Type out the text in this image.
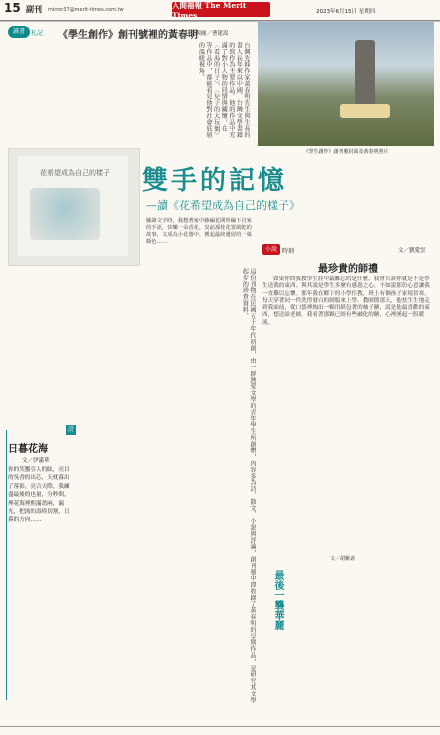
15 副刊 mirror37@merit-times.com.tw
人間福報 The Merit Times	2023年6月15日 星期四
讀書	札記 《學生創作》創刊號裡的黃春明
文與圖／曹建嵩
台灣先鋒作家黃春明先生與生長的書人長年來以中國、台灣文學書籍的寫作為主要作品。他的作品中充滿了對小人物的同情與關懷，在〈看海的日子〉、〈兒子的大玩偶〉等作品中，都能看見他對社會底層的溫暖視角。
《學生創作》創刊號封面及黃春明照片
雙手的記憶
—讀《花希望成為自己的樣子》
花希望成為自己的樣子
蘇讀文字時，我想著家中藤編花間所編下自家的手語，快樂一朵香花，臭前那桂花置風乾的故事，文成為小花器中，獲起最終遺留的一幕顏色……
這份刊物在民國五十年代初創，由一群熱愛文學的青年學生所創辦，內容多為詩、散文、小說與評論，創刊號中即收錄了黃春明的早期作品，是研究其文學起步的珍貴資料。
小說 時刻	文／劉愛雲
最珍貴的師禮
如果你問我教學生涯中最難忘的是什麼，我會告訴你就是不是學生送我的東西。與其說是學生多麼有感恩之心，不如說那份心意讓我一直難以忘懷。那年我在鄉下的小學任教，班上有個孩子家境貧寒，每天穿著同一件洗得發白的制服來上學。教師節那天，他怯生生地走到我面前，從口袋裡掏出一顆用紙包著的柚子糖，說是他最喜歡的東西，想送給老師。我看著那顆已經有些融化的糖，心裡湧起一股暖流。
最後一襲華麗
文／胡紫壽
詩
日暮花海
文／伊滿華
你的笑靨引人的眩，亮目的吳香的出芯，天枕暮出了落影，亮合天際，我練盡最後的也量，分秒間，理花海裡熙滿盈兩，漏光，把流的壽倚切割，日暮的方向……
